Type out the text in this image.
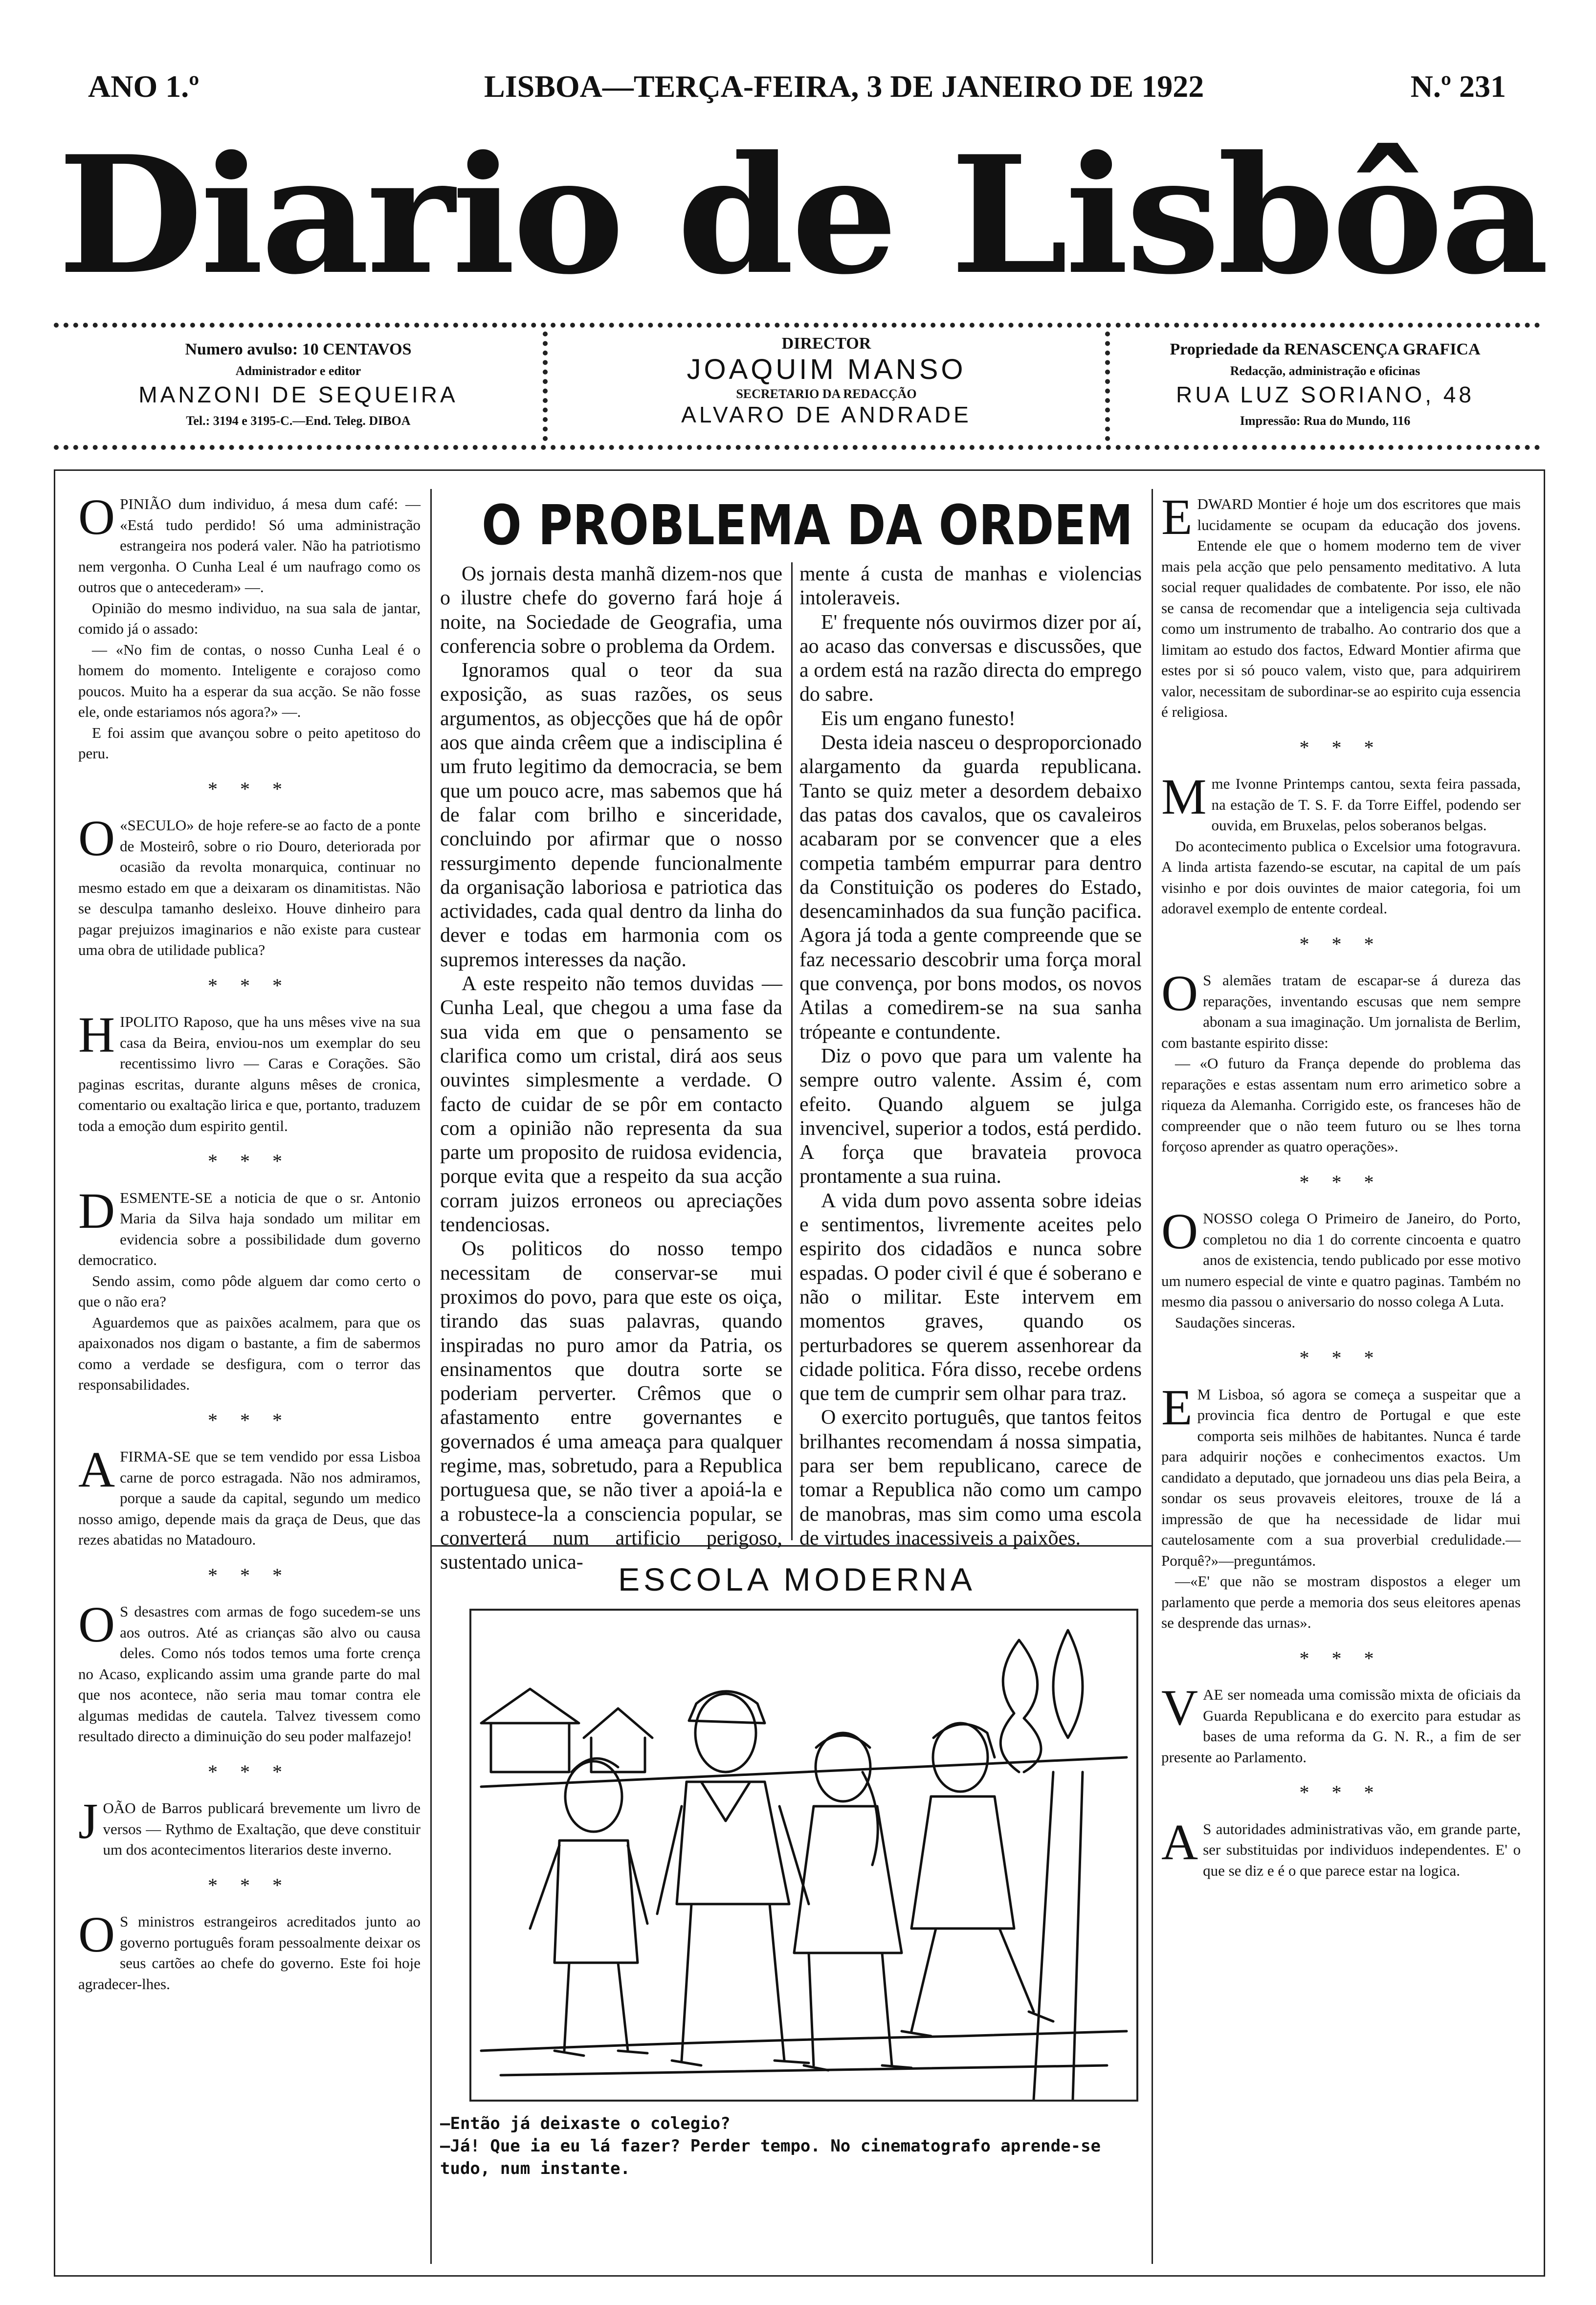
ANO 1.º	LISBOA—TERÇA-FEIRA, 3 DE JANEIRO DE 1922	N.º 231
Diario de Lisbôa
Numero avulso: 10 CENTAVOS
Administrador e editor
MANZONI DE SEQUEIRA
Tel.: 3194 e 3195-C.—End. Teleg. DIBOA
DIRECTOR
JOAQUIM MANSO
SECRETARIO DA REDACÇÃO
ALVARO DE ANDRADE
Propriedade da RENASCENÇA GRAFICA
Redacção, administração e oficinas
RUA LUZ SORIANO, 48
Impressão: Rua do Mundo, 116
O PINIÃO dum individuo, á mesa dum café: — «Está tudo perdido! Só uma administração estrangeira nos poderá valer. Não ha patriotismo nem vergonha. O Cunha Leal é um naufrago como os outros que o antecederam» —.

Opinião do mesmo individuo, na sua sala de jantar, comido já o assado:

— «No fim de contas, o nosso Cunha Leal é o homem do momento. Inteligente e corajoso como poucos. Muito ha a esperar da sua acção. Se não fosse ele, onde estariamos nós agora?» —.

E foi assim que avançou sobre o peito apetitoso do peru.

* * *
O «SECULO» de hoje refere-se ao facto de a ponte de Mosteirô, sobre o rio Douro, deteriorada por ocasião da revolta monarquica, continuar no mesmo estado em que a deixaram os dinamitistas. Não se desculpa tamanho desleixo. Houve dinheiro para pagar prejuizos imaginarios e não existe para custear uma obra de utilidade publica?

* * *
H IPOLITO Raposo, que ha uns mêses vive na sua casa da Beira, enviou-nos um exemplar do seu recentissimo livro — Caras e Corações. São paginas escritas, durante alguns mêses de cronica, comentario ou exaltação lirica e que, portanto, traduzem toda a emoção dum espirito gentil.

* * *
D ESMENTE-SE a noticia de que o sr. Antonio Maria da Silva haja sondado um militar em evidencia sobre a possibilidade dum governo democratico.

Sendo assim, como pôde alguem dar como certo o que o não era?

Aguardemos que as paixões acalmem, para que os apaixonados nos digam o bastante, a fim de sabermos como a verdade se desfigura, com o terror das responsabilidades.

* * *
A FIRMA-SE que se tem vendido por essa Lisboa carne de porco estragada. Não nos admiramos, porque a saude da capital, segundo um medico nosso amigo, depende mais da graça de Deus, que das rezes abatidas no Matadouro.

* * *
O S desastres com armas de fogo sucedem-se uns aos outros. Até as crianças são alvo ou causa deles. Como nós todos temos uma forte crença no Acaso, explicando assim uma grande parte do mal que nos acontece, não seria mau tomar contra ele algumas medidas de cautela. Talvez tivessem como resultado directo a diminuição do seu poder malfazejo!

* * *
J OÃO de Barros publicará brevemente um livro de versos — Rythmo de Exaltação, que deve constituir um dos acontecimentos literarios deste inverno.

* * *
O S ministros estrangeiros acreditados junto ao governo português foram pessoalmente deixar os seus cartões ao chefe do governo. Este foi hoje agradecer-lhes.

O PROBLEMA DA ORDEM

Os jornais desta manhã dizem-nos que o ilustre chefe do governo fará hoje á noite, na Sociedade de Geografia, uma conferencia sobre o problema da Ordem.

Ignoramos qual o teor da sua exposição, as suas razões, os seus argumentos, as objecções que há de opôr aos que ainda crêem que a indisciplina é um fruto legitimo da democracia, se bem que um pouco acre, mas sabemos que há de falar com brilho e sinceridade, concluindo por afirmar que o nosso ressurgimento depende funcionalmente da organisação laboriosa e patriotica das actividades, cada qual dentro da linha do dever e todas em harmonia com os supremos interesses da nação.

A este respeito não temos duvidas —Cunha Leal, que chegou a uma fase da sua vida em que o pensamento se clarifica como um cristal, dirá aos seus ouvintes simplesmente a verdade. O facto de cuidar de se pôr em contacto com a opinião não representa da sua parte um proposito de ruidosa evidencia, porque evita que a respeito da sua acção corram juizos erroneos ou apreciações tendenciosas.

Os politicos do nosso tempo necessitam de conservar-se mui proximos do povo, para que este os oiça, tirando das suas palavras, quando inspiradas no puro amor da Patria, os ensinamentos que doutra sorte se poderiam perverter. Crêmos que o afastamento entre governantes e governados é uma ameaça para qualquer regime, mas, sobretudo, para a Republica portuguesa que, se não tiver a apoiá-la e a robustece-la a consciencia popular, se converterá num artificio perigoso, sustentado unica-

mente á custa de manhas e violencias intoleraveis.

E' frequente nós ouvirmos dizer por aí, ao acaso das conversas e discussões, que a ordem está na razão directa do emprego do sabre.

Eis um engano funesto!

Desta ideia nasceu o desproporcionado alargamento da guarda republicana. Tanto se quiz meter a desordem debaixo das patas dos cavalos, que os cavaleiros acabaram por se convencer que a eles competia também empurrar para dentro da Constituição os poderes do Estado, desencaminhados da sua função pacifica. Agora já toda a gente compreende que se faz necessario descobrir uma força moral que convença, por bons modos, os novos Atilas a comedirem-se na sua sanha trópeante e contundente.

Diz o povo que para um valente ha sempre outro valente. Assim é, com efeito. Quando alguem se julga invencivel, superior a todos, está perdido. A força que bravateia provoca prontamente a sua ruina.

A vida dum povo assenta sobre ideias e sentimentos, livremente aceites pelo espirito dos cidadãos e nunca sobre espadas. O poder civil é que é soberano e não o militar. Este intervem em momentos graves, quando os perturbadores se querem assenhorear da cidade politica. Fóra disso, recebe ordens que tem de cumprir sem olhar para traz.

O exercito português, que tantos feitos brilhantes recomendam á nossa simpatia, para ser bem republicano, carece de tomar a Republica não como um campo de manobras, mas sim como uma escola de virtudes inacessiveis a paixões.

ESCOLA MODERNA
—Então já deixaste o colegio?
—Já! Que ia eu lá fazer? Perder tempo. No cinematografo aprende-se
tudo, num instante.
E DWARD Montier é hoje um dos escritores que mais lucidamente se ocupam da educação dos jovens. Entende ele que o homem moderno tem de viver mais pela acção que pelo pensamento meditativo. A luta social requer qualidades de combatente. Por isso, ele não se cansa de recomendar que a inteligencia seja cultivada como um instrumento de trabalho. Ao contrario dos que a limitam ao estudo dos factos, Edward Montier afirma que estes por si só pouco valem, visto que, para adquirirem valor, necessitam de subordinar-se ao espirito cuja essencia é religiosa.

* * *
M me Ivonne Printemps cantou, sexta feira passada, na estação de T. S. F. da Torre Eiffel, podendo ser ouvida, em Bruxelas, pelos soberanos belgas.

Do acontecimento publica o Excelsior uma fotogravura. A linda artista fazendo-se escutar, na capital de um país visinho e por dois ouvintes de maior categoria, foi um adoravel exemplo de entente cordeal.

* * *
O S alemães tratam de escapar-se á dureza das reparações, inventando escusas que nem sempre abonam a sua imaginação. Um jornalista de Berlim, com bastante espirito disse:

— «O futuro da França depende do problema das reparações e estas assentam num erro arimetico sobre a riqueza da Alemanha. Corrigido este, os franceses hão de compreender que o não teem futuro ou se lhes torna forçoso aprender as quatro operações».

* * *
O NOSSO colega O Primeiro de Janeiro, do Porto, completou no dia 1 do corrente cincoenta e quatro anos de existencia, tendo publicado por esse motivo um numero especial de vinte e quatro paginas. Também no mesmo dia passou o aniversario do nosso colega A Luta.

Saudações sinceras.

* * *
E M Lisboa, só agora se começa a suspeitar que a provincia fica dentro de Portugal e que este comporta seis milhões de habitantes. Nunca é tarde para adquirir noções e conhecimentos exactos. Um candidato a deputado, que jornadeou uns dias pela Beira, a sondar os seus provaveis eleitores, trouxe de lá a impressão de que ha necessidade de lidar mui cautelosamente com a sua proverbial credulidade.—Porquê?»—preguntámos.

—«E' que não se mostram dispostos a eleger um parlamento que perde a memoria dos seus eleitores apenas se desprende das urnas».

* * *
V AE ser nomeada uma comissão mixta de oficiais da Guarda Republicana e do exercito para estudar as bases de uma reforma da G. N. R., a fim de ser presente ao Parlamento.

* * *
A S autoridades administrativas vão, em grande parte, ser substituidas por individuos independentes. E' o que se diz e é o que parece estar na logica.
